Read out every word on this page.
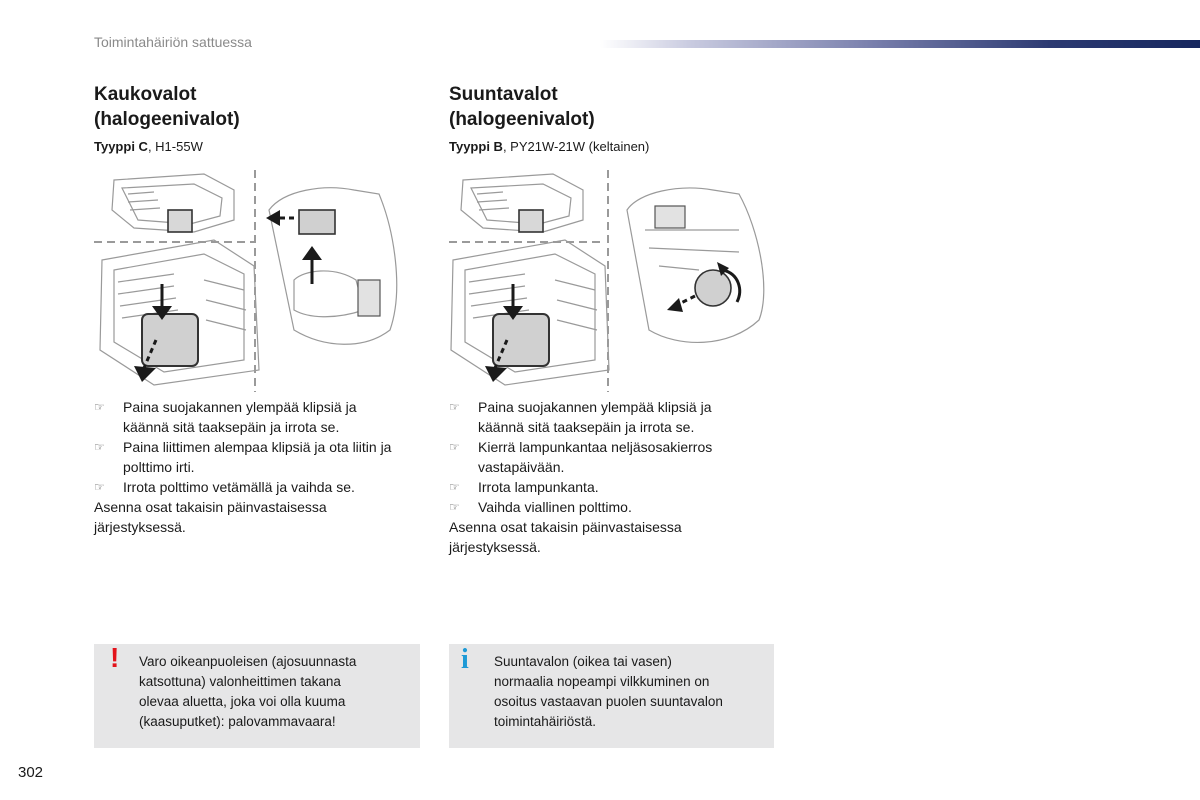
Toimintahäiriön sattuessa
Kaukovalot
(halogeenivalot)
Tyyppi C, H1-55W
☞ Paina suojakannen ylempää klipsiä ja
käännä sitä taaksepäin ja irrota se.
☞ Paina liittimen alempaa klipsiä ja ota liitin ja
polttimo irti.
☞ Irrota polttimo vetämällä ja vaihda se.
Asenna osat takaisin päinvastaisessa
järjestyksessä.
Suuntavalot
(halogeenivalot)
Tyyppi B, PY21W-21W (keltainen)
☞ Paina suojakannen ylempää klipsiä ja
käännä sitä taaksepäin ja irrota se.
☞ Kierrä lampunkantaa neljäsosakierros
vastapäivään.
☞ Irrota lampunkanta.
☞ Vaihda viallinen polttimo.
Asenna osat takaisin päinvastaisessa
järjestyksessä.
! Varo oikeanpuoleisen (ajosuunnasta
katsottuna) valonheittimen takana
olevaa aluetta, joka voi olla kuuma
(kaasuputket): palovammavaara!
i Suuntavalon (oikea tai vasen)
normaalia nopeampi vilkkuminen on
osoitus vastaavan puolen suuntavalon
toimintahäiriöstä.
302
